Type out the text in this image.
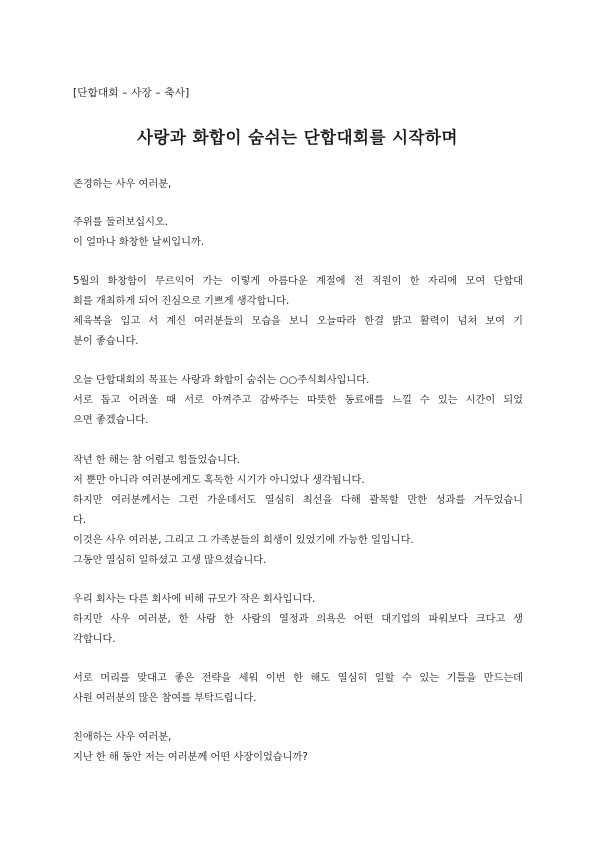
[단합대회 – 사장 – 축사]
사랑과 화합이 숨쉬는 단합대회를 시작하며
존경하는 사우 여러분,
주위를 둘러보십시오.
이 얼마나 화창한 날씨입니까.
5월의 화창함이 무르익어 가는 이렇게 아름다운 계절에 전 직원이 한 자리에 모여 단합대
회를 개최하게 되어 진심으로 기쁘게 생각합니다.
체육복을 입고 서 계신 여러분들의 모습을 보니 오늘따라 한결 밝고 활력이 넘쳐 보여 기
분이 좋습니다.
오늘 단합대회의 목표는 사랑과 화합이 숨쉬는 ○○주식회사입니다.
서로 돕고 어려울 때 서로 아껴주고 감싸주는 따뜻한 동료애를 느낄 수 있는 시간이 되었
으면 좋겠습니다.
작년 한 해는 참 어렵고 힘들었습니다.
저 뿐만 아니라 여러분에게도 혹독한 시기가 아니었나 생각됩니다.
하지만 여러분께서는 그런 가운데서도 열심히 최선을 다해 괄목할 만한 성과를 거두었습니
다.
이것은 사우 여러분, 그리고 그 가족분들의 희생이 있었기에 가능한 일입니다.
그동안 열심히 일하셨고 고생 많으셨습니다.
우리 회사는 다른 회사에 비해 규모가 작은 회사입니다.
하지만 사우 여러분, 한 사람 한 사람의 열정과 의욕은 어떤 대기업의 파워보다 크다고 생
각합니다.
서로 머리를 맞대고 좋은 전략을 세워 이번 한 해도 열심히 일할 수 있는 기틀을 만드는데
사원 여러분의 많은 참여를 부탁드립니다.
친애하는 사우 여러분,
지난 한 해 동안 저는 여러분께 어떤 사장이었습니까?
